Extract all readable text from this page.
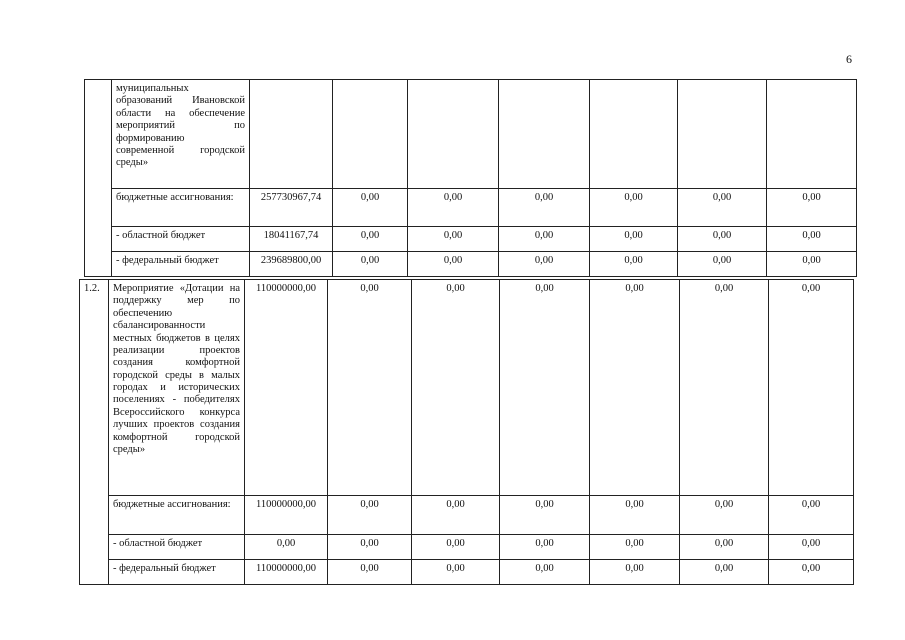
6
	муниципальных образований Ивановской области на обеспечение мероприятий по формированию современной городской среды»							
	бюджетные ассигнования:	257730967,74	0,00	0,00	0,00	0,00	0,00	0,00
	- областной бюджет	18041167,74	0,00	0,00	0,00	0,00	0,00	0,00
	- федеральный бюджет	239689800,00	0,00	0,00	0,00	0,00	0,00	0,00
1.2.	Мероприятие «Дотации на поддержку мер по обеспечению сбалансированности местных бюджетов в целях реализации проектов создания комфортной городской среды в малых городах и исторических поселениях - победителях Всероссийского конкурса лучших проектов создания комфортной городской среды»	110000000,00	0,00	0,00	0,00	0,00	0,00	0,00
	бюджетные ассигнования:	110000000,00	0,00	0,00	0,00	0,00	0,00	0,00
	- областной бюджет	0,00	0,00	0,00	0,00	0,00	0,00	0,00
	- федеральный бюджет	110000000,00	0,00	0,00	0,00	0,00	0,00	0,00
